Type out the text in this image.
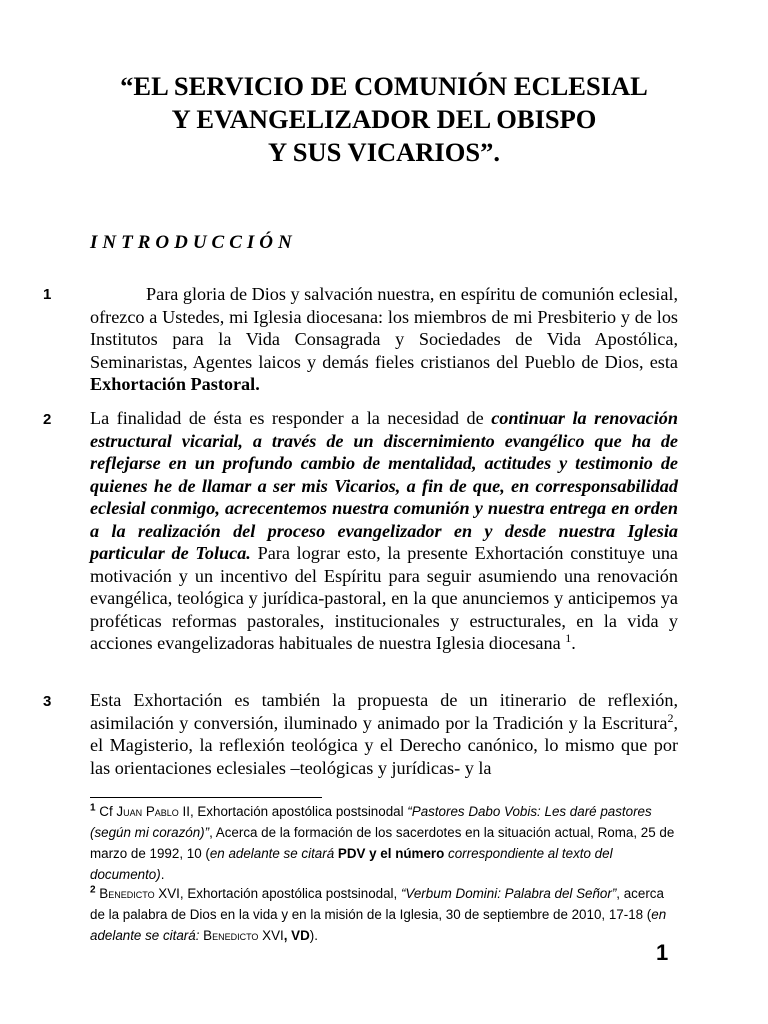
“EL SERVICIO DE COMUNIÓN ECLESIAL
Y EVANGELIZADOR DEL OBISPO
Y SUS VICARIOS”.
INTRODUCCIÓN
1	Para gloria de Dios y salvación nuestra, en espíritu de comunión eclesial, ofrezco a Ustedes, mi Iglesia diocesana: los miembros de mi Presbiterio y de los Institutos para la Vida Consagrada y Sociedades de Vida Apostólica, Seminaristas, Agentes laicos y demás fieles cristianos del Pueblo de Dios, esta Exhortación Pastoral.
2 La finalidad de ésta es responder a la necesidad de continuar la renovación estructural vicarial, a través de un discernimiento evangélico que ha de reflejarse en un profundo cambio de mentalidad, actitudes y testimonio de quienes he de llamar a ser mis Vicarios, a fin de que, en corresponsabilidad eclesial conmigo, acrecentemos nuestra comunión y nuestra entrega en orden a la realización del proceso evangelizador en y desde nuestra Iglesia particular de Toluca. Para lograr esto, la presente Exhortación constituye una motivación y un incentivo del Espíritu para seguir asumiendo una renovación evangélica, teológica y jurídica-pastoral, en la que anunciemos y anticipemos ya proféticas reformas pastorales, institucionales y estructurales, en la vida y acciones evangelizadoras habituales de nuestra Iglesia diocesana $^1$.
3 Esta Exhortación es también la propuesta de un itinerario de reflexión, asimilación y conversión, iluminado y animado por la Tradición y la Escritura$^2$, el Magisterio, la reflexión teológica y el Derecho canónico, lo mismo que por las orientaciones eclesiales –teológicas y jurídicas- y la
$^1$ Cf Juan Pablo II, Exhortación apostólica postsinodal “Pastores Dabo Vobis: Les daré pastores (según mi corazón)”, Acerca de la formación de los sacerdotes en la situación actual, Roma, 25 de marzo de 1992, 10 (en adelante se citará PDV y el número correspondiente al texto del documento).
$^2$ Benedicto XVI, Exhortación apostólica postsinodal, “Verbum Domini: Palabra del Señor”, acerca de la palabra de Dios en la vida y en la misión de la Iglesia, 30 de septiembre de 2010, 17-18 (en adelante se citará: Benedicto XVI, VD).
1
